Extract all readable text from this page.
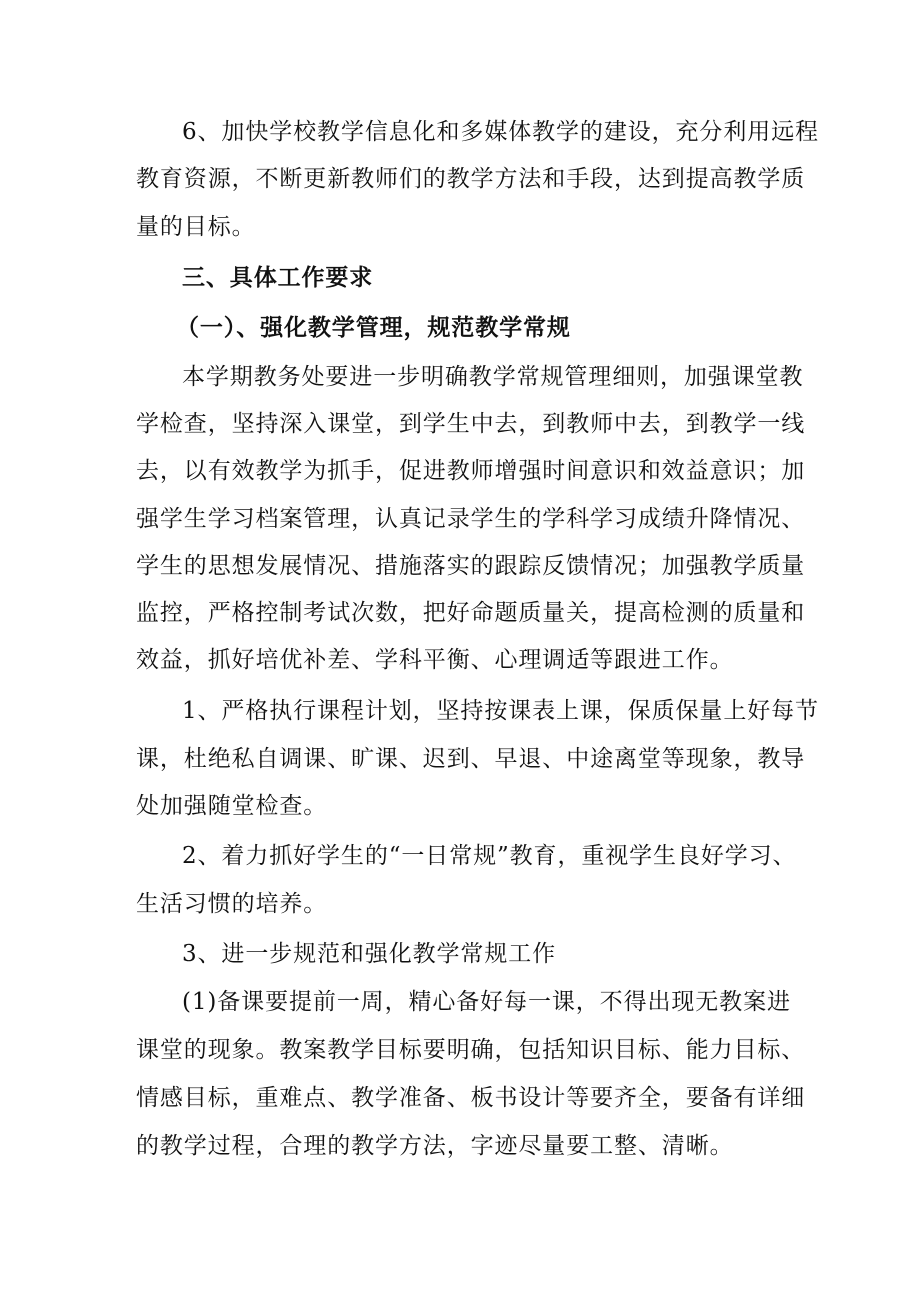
6、加快学校教学信息化和多媒体教学的建设，充分利用远程
教育资源，不断更新教师们的教学方法和手段，达到提高教学质
量的目标。
三、具体工作要求
（一）、强化教学管理，规范教学常规
本学期教务处要进一步明确教学常规管理细则，加强课堂教
学检查，坚持深入课堂，到学生中去，到教师中去，到教学一线
去，以有效教学为抓手，促进教师增强时间意识和效益意识；加
强学生学习档案管理，认真记录学生的学科学习成绩升降情况、
学生的思想发展情况、措施落实的跟踪反馈情况；加强教学质量
监控，严格控制考试次数，把好命题质量关，提高检测的质量和
效益，抓好培优补差、学科平衡、心理调适等跟进工作。
1、严格执行课程计划，坚持按课表上课，保质保量上好每节
课，杜绝私自调课、旷课、迟到、早退、中途离堂等现象，教导
处加强随堂检查。
2、着力抓好学生的“一日常规”教育，重视学生良好学习、
生活习惯的培养。
3、进一步规范和强化教学常规工作
(1)备课要提前一周，精心备好每一课，不得出现无教案进
课堂的现象。教案教学目标要明确，包括知识目标、能力目标、
情感目标，重难点、教学准备、板书设计等要齐全，要备有详细
的教学过程，合理的教学方法，字迹尽量要工整、清晰。
